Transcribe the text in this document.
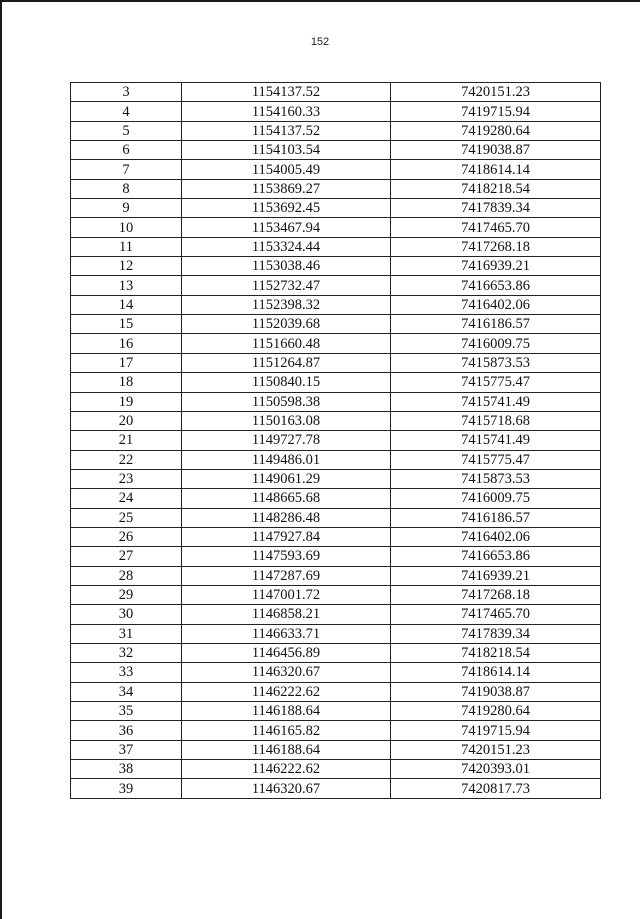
152
3	1154137.52	7420151.23
4	1154160.33	7419715.94
5	1154137.52	7419280.64
6	1154103.54	7419038.87
7	1154005.49	7418614.14
8	1153869.27	7418218.54
9	1153692.45	7417839.34
10	1153467.94	7417465.70
11	1153324.44	7417268.18
12	1153038.46	7416939.21
13	1152732.47	7416653.86
14	1152398.32	7416402.06
15	1152039.68	7416186.57
16	1151660.48	7416009.75
17	1151264.87	7415873.53
18	1150840.15	7415775.47
19	1150598.38	7415741.49
20	1150163.08	7415718.68
21	1149727.78	7415741.49
22	1149486.01	7415775.47
23	1149061.29	7415873.53
24	1148665.68	7416009.75
25	1148286.48	7416186.57
26	1147927.84	7416402.06
27	1147593.69	7416653.86
28	1147287.69	7416939.21
29	1147001.72	7417268.18
30	1146858.21	7417465.70
31	1146633.71	7417839.34
32	1146456.89	7418218.54
33	1146320.67	7418614.14
34	1146222.62	7419038.87
35	1146188.64	7419280.64
36	1146165.82	7419715.94
37	1146188.64	7420151.23
38	1146222.62	7420393.01
39	1146320.67	7420817.73
